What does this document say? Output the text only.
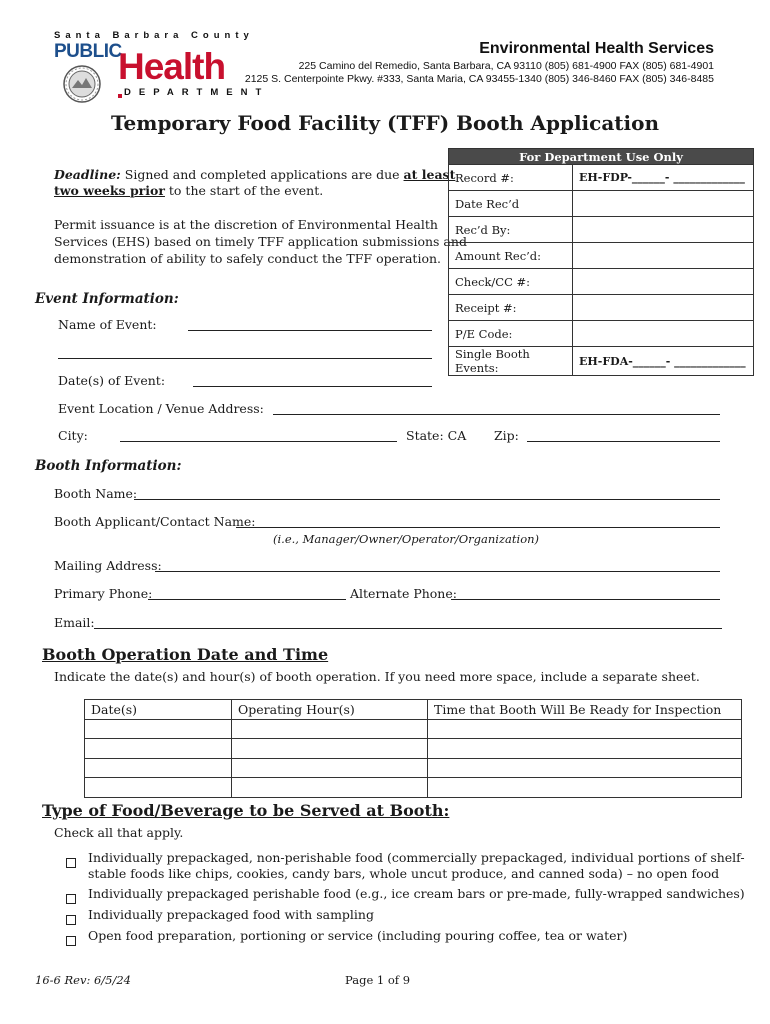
Santa Barbara County
PUBLIC
Health
DEPARTMENT
Environmental Health Services
225 Camino del Remedio, Santa Barbara, CA 93110 (805) 681-4900 FAX (805) 681-4901
2125 S. Centerpointe Pkwy. #333, Santa Maria, CA 93455-1340 (805) 346-8460 FAX (805) 346-8485
Temporary Food Facility (TFF) Booth Application
Deadline: Signed and completed applications are due at least
two weeks prior to the start of the event.
Permit issuance is at the discretion of Environmental Health
Services (EHS) based on timely TFF application submissions and
demonstration of ability to safely conduct the TFF operation.
For Department Use Only	
Record #:	EH-FDP-______- _____________
Date Rec’d	
Rec’d By:	
Amount Rec’d:	
Check/CC #:	
Receipt #:	
P/E Code:	
Single Booth Events:	EH-FDA-______- _____________
Event Information:
Name of Event:
Date(s) of Event:
Event Location / Venue Address:
City:	State: CA Zip:
Booth Information:
Booth Name:
Booth Applicant/Contact Name:
(i.e., Manager/Owner/Operator/Organization)
Mailing Address:
Primary Phone:	Alternate Phone:
Email:
Booth Operation Date and Time
Indicate the date(s) and hour(s) of booth operation. If you need more space, include a separate sheet.
Date(s)	Operating Hour(s)	Time that Booth Will Be Ready for Inspection

Type of Food/Beverage to be Served at Booth:
Check all that apply.
Individually prepackaged, non-perishable food (commercially prepackaged, individual portions of shelf-
stable foods like chips, cookies, candy bars, whole uncut produce, and canned soda) – no open food
Individually prepackaged perishable food (e.g., ice cream bars or pre-made, fully-wrapped sandwiches)
Individually prepackaged food with sampling
Open food preparation, portioning or service (including pouring coffee, tea or water)
16-6 Rev: 6/5/24	Page 1 of 9
